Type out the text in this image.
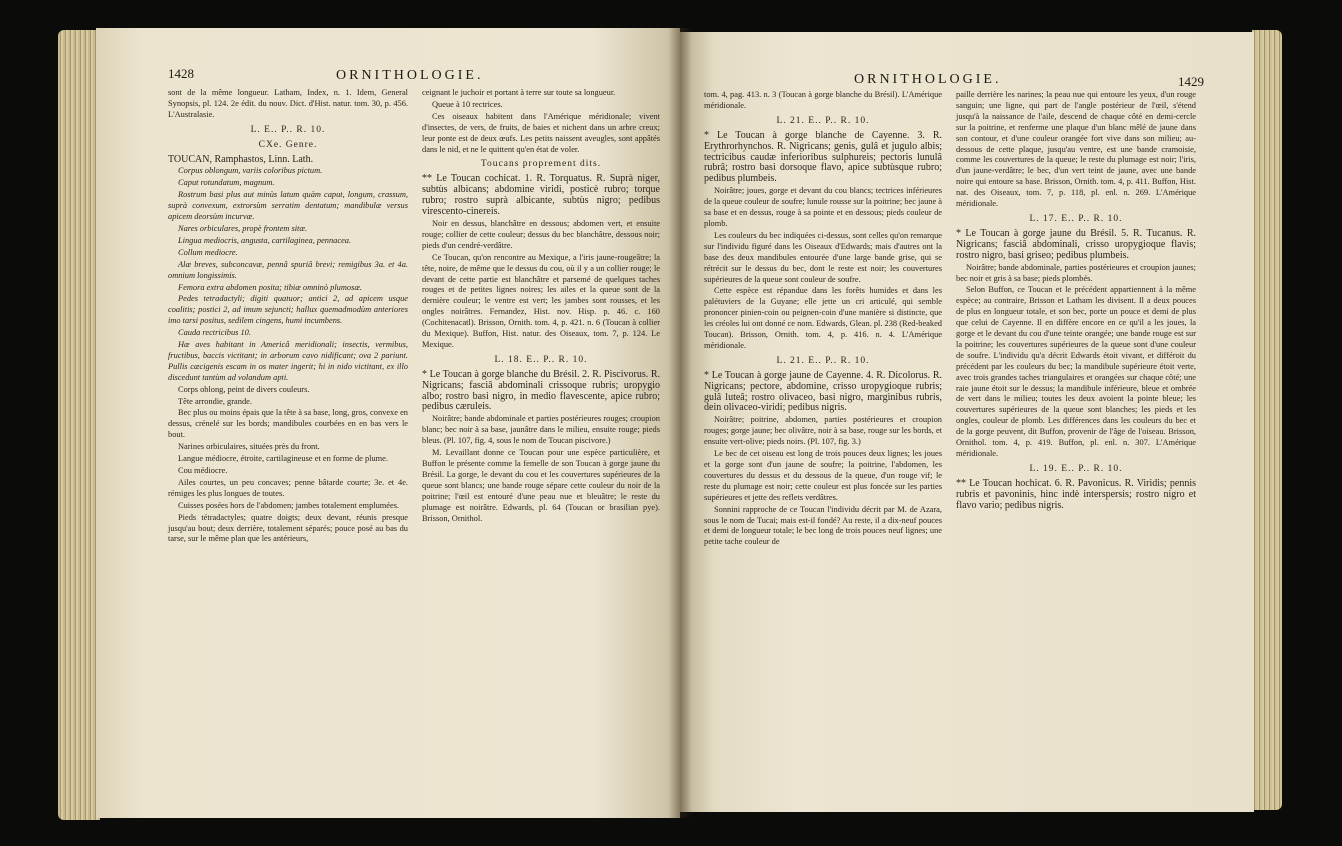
1428	ORNITHOLOGIE.

sont de la même longueur. Latham, Index, n. 1. Idem, General Synopsis, pl. 124. 2e édit. du nouv. Dict. d'Hist. natur. tom. 30, p. 456. L'Australasie.

L. E.. P.. R. 10.

CXe. Genre.

TOUCAN, Ramphastos, Linn. Lath.

Corpus oblongum, variis coloribus pictum.

Caput rotundatum, magnum.

Rostrum basi plus aut minùs latum quàm caput, longum, crassum, suprà convexum, extrorsùm serratim dentatum; mandibulæ versus apicem deorsùm incurvæ.

Nares orbiculares, propè frontem sitæ.

Lingua mediocris, angusta, cartilaginea, pennacea.

Collum mediocre.

Alæ breves, subconcavæ, pennâ spuriâ brevi; remigibus 3a. et 4a. omnium longissimis.

Femora extra abdomen posita; tibiæ omninò plumosæ.

Pedes tetradactyli; digiti quatuor; antici 2, ad apicem usque coalitis; postici 2, ad imum sejuncti; hallux quemadmodùm anteriores imo tarsi positus, sedilem cingens, humi incumbens.

Cauda rectricibus 10.

Hæ aves habitant in Americâ meridionali; insectis, vermibus, fructibus, baccis victitant; in arborum cavo nidificant; ova 2 pariunt. Pullis cæcigenis escam in os mater ingerit; hi in nido victitant, ex illo discedunt tantùm ad volandum apti.

Corps oblong, peint de divers couleurs.

Tête arrondie, grande.

Bec plus ou moins épais que la tête à sa base, long, gros, convexe en dessus, crénelé sur les bords; mandibules courbées en en bas vers le bout.

Narines orbiculaires, situées près du front.

Langue médiocre, étroite, cartilagineuse et en forme de plume.

Cou médiocre.

Ailes courtes, un peu concaves; penne bâtarde courte; 3e. et 4e. rémiges les plus longues de toutes.

Cuisses posées hors de l'abdomen; jambes totalement emplumées.

Pieds tétradactyles; quatre doigts; deux devant, réunis presque jusqu'au bout; deux derrière, totalement séparés; pouce posé au bas du tarse, sur le même plan que les antérieurs,

ceignant le juchoir et portant à terre sur toute sa longueur.

Queue à 10 rectrices.

Ces oiseaux habitent dans l'Amérique méridionale; vivent d'insectes, de vers, de fruits, de baies et nichent dans un arbre creux; leur ponte est de deux œufs. Les petits naissent aveugles, sont appâtés dans le nid, et ne le quittent qu'en état de voler.

Toucans proprement dits.

** Le Toucan cochicat. 1. R. Torquatus. R. Suprà niger, subtùs albicans; abdomine viridi, posticè rubro; torque rubro; rostro suprà albicante, subtùs nigro; pedibus virescento-cinereis.

Noir en dessus, blanchâtre en dessous; abdomen vert, et ensuite rouge; collier de cette couleur; dessus du bec blanchâtre, dessous noir; pieds d'un cendré-verdâtre.

Ce Toucan, qu'on rencontre au Mexique, a l'iris jaune-rougeâtre; la tête, noire, de même que le dessus du cou, où il y a un collier rouge; le devant de cette partie est blanchâtre et parsemé de quelques taches rouges et de petites lignes noires; les ailes et la queue sont de la dernière couleur; le ventre est vert; les jambes sont rousses, et les ongles noirâtres. Fernandez, Hist. nov. Hisp. p. 46. c. 160 (Cochitenacatl). Brisson, Ornith. tom. 4, p. 421. n. 6 (Toucan à collier du Mexique). Buffon, Hist. natur. des Oiseaux, tom. 7, p. 124. Le Mexique.

L. 18. E.. P.. R. 10.

* Le Toucan à gorge blanche du Brésil. 2. R. Piscivorus. R. Nigricans; fasciâ abdominali crissoque rubris; uropygio albo; rostro basi nigro, in medio flavescente, apice rubro; pedibus cæruleis.

Noirâtre; bande abdominale et parties postérieures rouges; croupion blanc; bec noir à sa base, jaunâtre dans le milieu, ensuite rouge; pieds bleus. (Pl. 107, fig. 4, sous le nom de Toucan piscivore.)

M. Levaillant donne ce Toucan pour une espèce particulière, et Buffon le présente comme la femelle de son Toucan à gorge jaune du Brésil. La gorge, le devant du cou et les couvertures supérieures de la queue sont blancs; une bande rouge sépare cette couleur du noir de la poitrine; l'œil est entouré d'une peau nue et bleuâtre; le reste du plumage est noirâtre. Edwards, pl. 64 (Toucan or brasilian pye). Brisson, Ornithol.

ORNITHOLOGIE.	1429

tom. 4, pag. 413. n. 3 (Toucan à gorge blanche du Brésil). L'Amérique méridionale.

L. 21. E.. P.. R. 10.

* Le Toucan à gorge blanche de Cayenne. 3. R. Erythrorhynchos. R. Nigricans; genis, gulâ et jugulo albis; tectricibus caudæ inferioribus sulphureis; pectoris lunulâ rubrâ; rostro basi dorsoque flavo, apice subtùsque rubro; pedibus plumbeis.

Noirâtre; joues, gorge et devant du cou blancs; tectrices inférieures de la queue couleur de soufre; lunule rousse sur la poitrine; bec jaune à sa base et en dessus, rouge à sa pointe et en dessous; pieds couleur de plomb.

Les couleurs du bec indiquées ci-dessus, sont celles qu'on remarque sur l'individu figuré dans les Oiseaux d'Edwards; mais d'autres ont la base des deux mandibules entourée d'une large bande grise, qui se rétrécit sur le dessus du bec, dont le reste est noir; les couvertures supérieures de la queue sont couleur de soufre.

Cette espèce est répandue dans les forêts humides et dans les palétuviers de la Guyane; elle jette un cri articulé, qui semble prononcer pinien-coin ou peignen-coin d'une manière si distincte, que les créoles lui ont donné ce nom. Edwards, Glean. pl. 238 (Red-beaked Toucan). Brisson, Ornith. tom. 4, p. 416. n. 4. L'Amérique méridionale.

L. 21. E.. P.. R. 10.

* Le Toucan à gorge jaune de Cayenne. 4. R. Dicolorus. R. Nigricans; pectore, abdomine, crisso uropygioque rubris; gulâ luteâ; rostro olivaceo, basi nigro, marginibus rubris, dein olivaceo-viridi; pedibus nigris.

Noirâtre; poitrine, abdomen, parties postérieures et croupion rouges; gorge jaune; bec olivâtre, noir à sa base, rouge sur les bords, et ensuite vert-olive; pieds noirs. (Pl. 107, fig. 3.)

Le bec de cet oiseau est long de trois pouces deux lignes; les joues et la gorge sont d'un jaune de soufre; la poitrine, l'abdomen, les couvertures du dessus et du dessous de la queue, d'un rouge vif; le reste du plumage est noir; cette couleur est plus foncée sur les parties supérieures et jette des reflets verdâtres.

Sonnini rapproche de ce Toucan l'individu décrit par M. de Azara, sous le nom de Tucai; mais est-il fondé? Au reste, il a dix-neuf pouces et demi de longueur totale; le bec long de trois pouces neuf lignes; une petite tache couleur de

paille derrière les narines; la peau nue qui entoure les yeux, d'un rouge sanguin; une ligne, qui part de l'angle postérieur de l'œil, s'étend jusqu'à la naissance de l'aile, descend de chaque côté en demi-cercle sur la poitrine, et renferme une plaque d'un blanc mêlé de jaune dans son contour, et d'une couleur orangée fort vive dans son milieu; au-dessous de cette plaque, jusqu'au ventre, est une bande cramoisie, comme les couvertures de la queue; le reste du plumage est noir; l'iris, d'un jaune-verdâtre; le bec, d'un vert teint de jaune, avec une bande noire qui entoure sa base. Brisson, Ornith. tom. 4, p. 411. Buffon, Hist. nat. des Oiseaux, tom. 7, p. 118, pl. enl. n. 269. L'Amérique méridionale.

L. 17. E.. P.. R. 10.

* Le Toucan à gorge jaune du Brésil. 5. R. Tucanus. R. Nigricans; fasciâ abdominali, crisso uropygioque flavis; rostro nigro, basi griseo; pedibus plumbeis.

Noirâtre; bande abdominale, parties postérieures et croupion jaunes; bec noir et gris à sa base; pieds plombés.

Selon Buffon, ce Toucan et le précédent appartiennent à la même espèce; au contraire, Brisson et Latham les divisent. Il a deux pouces de plus en longueur totale, et son bec, porte un pouce et demi de plus que celui de Cayenne. Il en diffère encore en ce qu'il a les joues, la gorge et le devant du cou d'une teinte orangée; une bande rouge est sur la poitrine; les couvertures supérieures de la queue sont d'une couleur de soufre. L'individu qu'a décrit Edwards étoit vivant, et différoit du précédent par les couleurs du bec; la mandibule supérieure étoit verte, avec trois grandes taches triangulaires et orangées sur chaque côté; une raie jaune étoit sur le dessus; la mandibule inférieure, bleue et ombrée de vert dans le milieu; toutes les deux avoient la pointe bleue; les couvertures supérieures de la queue sont blanches; les pieds et les ongles, couleur de plomb. Les différences dans les couleurs du bec et de la gorge peuvent, dit Buffon, provenir de l'âge de l'oiseau. Brisson, Ornithol. tom. 4, p. 419. Buffon, pl. enl. n. 307. L'Amérique méridionale.

L. 19. E.. P.. R. 10.

** Le Toucan hochicat. 6. R. Pavonicus. R. Viridis; pennis rubris et pavoninis, hinc indè interspersis; rostro nigro et flavo vario; pedibus nigris.
